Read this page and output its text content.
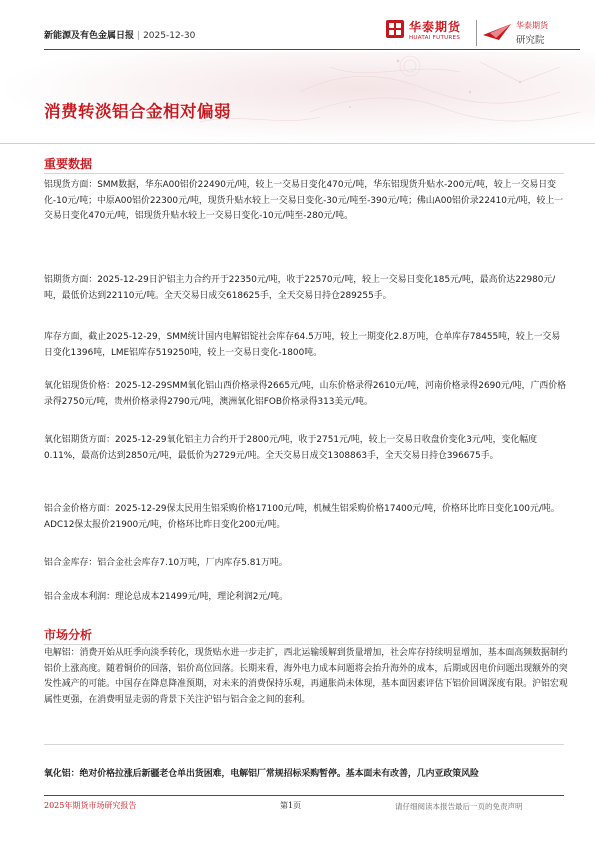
新能源及有色金属日报 | 2025-12-30
华泰期货
HUATAI FUTURES
华泰期货
研究院
消费转淡铝合金相对偏弱
重要数据
铝现货方面：SMM数据，华东A00铝价22490元/吨，较上一交易日变化470元/吨，华东铝现货升贴水-200元/吨，较上一交易日变化-10元/吨；中原A00铝价22300元/吨，现货升贴水较上一交易日变化-30元/吨至-390元/吨；佛山A00铝价录22410元/吨，较上一交易日变化470元/吨，铝现货升贴水较上一交易日变化-10元/吨至-280元/吨。
铝期货方面：2025-12-29日沪铝主力合约开于22350元/吨，收于22570元/吨，较上一交易日变化185元/吨，最高价达22980元/吨，最低价达到22110元/吨。全天交易日成交618625手，全天交易日持仓289255手。
库存方面，截止2025-12-29，SMM统计国内电解铝锭社会库存64.5万吨，较上一期变化2.8万吨，仓单库存78455吨，较上一交易日变化1396吨，LME铝库存519250吨，较上一交易日变化-1800吨。
氧化铝现货价格：2025-12-29SMM氧化铝山西价格录得2665元/吨，山东价格录得2610元/吨，河南价格录得2690元/吨，广西价格录得2750元/吨，贵州价格录得2790元/吨，澳洲氧化铝FOB价格录得313美元/吨。
氧化铝期货方面：2025-12-29氧化铝主力合约开于2800元/吨，收于2751元/吨，较上一交易日收盘价变化3元/吨，变化幅度0.11%，最高价达到2850元/吨，最低价为2729元/吨。全天交易日成交1308863手，全天交易日持仓396675手。
铝合金价格方面：2025-12-29保太民用生铝采购价格17100元/吨，机械生铝采购价格17400元/吨，价格环比昨日变化100元/吨。ADC12保太报价21900元/吨，价格环比昨日变化200元/吨。
铝合金库存：铝合金社会库存7.10万吨，厂内库存5.81万吨。
铝合金成本利润：理论总成本21499元/吨，理论利润2元/吨。
市场分析
电解铝：消费开始从旺季向淡季转化，现货贴水进一步走扩，西北运输缓解到货量增加，社会库存持续明显增加，基本面高频数据制约铝价上涨高度。随着铜价的回落，铝价高位回落。长期来看，海外电力成本问题将会抬升海外的成本，后期或因电价问题出现额外的突发性减产的可能。中国存在降息降准预期，对未来的消费保持乐观，再通胀尚未体现，基本面因素评估下铝价回调深度有限。沪铝宏观属性更强，在消费明显走弱的背景下关注沪铝与铝合金之间的套利。
氧化铝：绝对价格拉涨后新疆老仓单出货困难，电解铝厂常规招标采购暂停。基本面未有改善，几内亚政策风险
2025年期货市场研究报告	第1页	请仔细阅读本报告最后一页的免责声明
